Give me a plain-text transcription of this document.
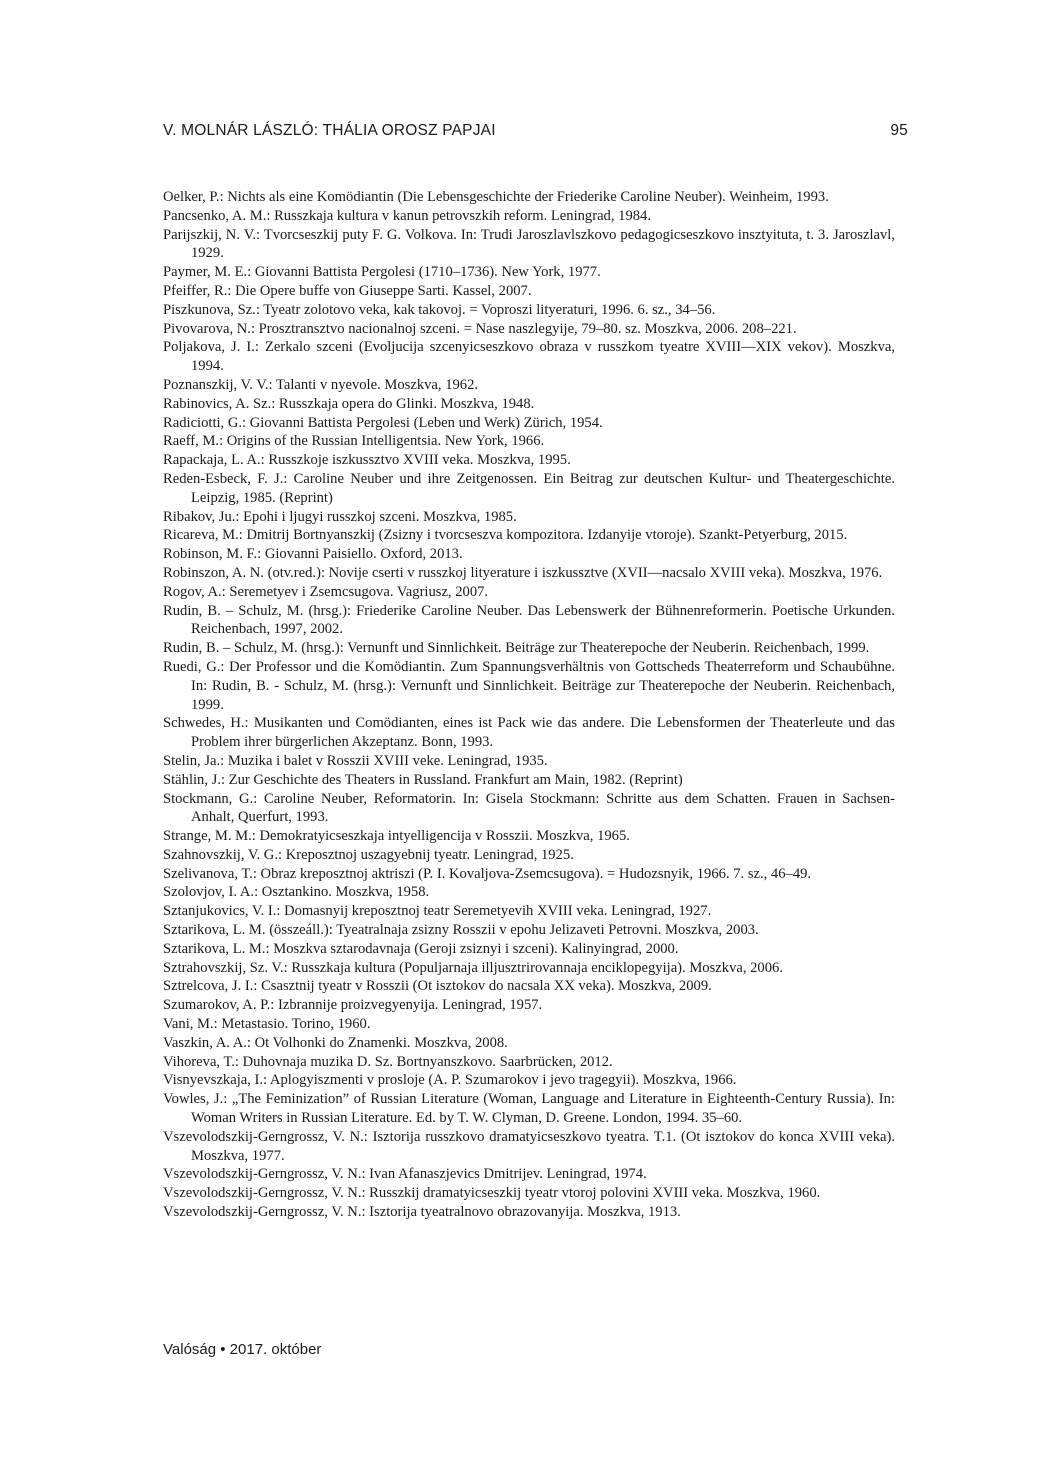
V. MOLNÁR LÁSZLÓ: THÁLIA OROSZ PAPJAI	95
Oelker, P.: Nichts als eine Komödiantin (Die Lebensgeschichte der Friederike Caroline Neuber). Weinheim, 1993.
Pancsenko, A. M.: Russzkaja kultura v kanun petrovszkih reform. Leningrad, 1984.
Parijszkij, N. V.: Tvorcseszkij puty F. G. Volkova. In: Trudi Jaroszlavlszkovo pedagogicseszkovo insztyituta, t. 3. Jaroszlavl, 1929.
Paymer, M. E.: Giovanni Battista Pergolesi (1710–1736). New York, 1977.
Pfeiffer, R.: Die Opere buffe von Giuseppe Sarti. Kassel, 2007.
Piszkunova, Sz.: Tyeatr zolotovo veka, kak takovoj. = Voproszi lityeraturi, 1996. 6. sz., 34–56.
Pivovarova, N.: Prosztransztvo nacionalnoj szceni. = Nase naszlegyije, 79–80. sz. Moszkva, 2006. 208–221.
Poljakova, J. I.: Zerkalo szceni (Evoljucija szcenyicseszkovo obraza v russzkom tyeatre XVIII—XIX vekov). Moszkva, 1994.
Poznanszkij, V. V.: Talanti v nyevole. Moszkva, 1962.
Rabinovics, A. Sz.: Russzkaja opera do Glinki. Moszkva, 1948.
Radiciotti, G.: Giovanni Battista Pergolesi (Leben und Werk) Zürich, 1954.
Raeff, M.: Origins of the Russian Intelligentsia. New York, 1966.
Rapackaja, L. A.: Russzkoje iszkussztvo XVIII veka. Moszkva, 1995.
Reden-Esbeck, F. J.: Caroline Neuber und ihre Zeitgenossen. Ein Beitrag zur deutschen Kultur- und Theatergeschichte. Leipzig, 1985. (Reprint)
Ribakov, Ju.: Epohi i ljugyi russzkoj szceni. Moszkva, 1985.
Ricareva, M.: Dmitrij Bortnyanszkij (Zsizny i tvorcseszva kompozitora. Izdanyije vtoroje). Szankt-Petyerburg, 2015.
Robinson, M. F.: Giovanni Paisiello. Oxford, 2013.
Robinszon, A. N. (otv.red.): Novije cserti v russzkoj lityerature i iszkussztve (XVII—nacsalo XVIII veka). Moszkva, 1976.
Rogov, A.: Seremetyev i Zsemcsugova. Vagriusz, 2007.
Rudin, B. – Schulz, M. (hrsg.): Friederike Caroline Neuber. Das Lebenswerk der Bühnenreformerin. Poetische Urkunden. Reichenbach, 1997, 2002.
Rudin, B. – Schulz, M. (hrsg.): Vernunft und Sinnlichkeit. Beiträge zur Theaterepoche der Neuberin. Reichenbach, 1999.
Ruedi, G.: Der Professor und die Komödiantin. Zum Spannungsverhältnis von Gottscheds Theaterreform und Schaubühne. In: Rudin, B. - Schulz, M. (hrsg.): Vernunft und Sinnlichkeit. Beiträge zur Theaterepoche der Neuberin. Reichenbach, 1999.
Schwedes, H.: Musikanten und Comödianten, eines ist Pack wie das andere. Die Lebensformen der Theaterleute und das Problem ihrer bürgerlichen Akzeptanz. Bonn, 1993.
Stelin, Ja.: Muzika i balet v Rosszii XVIII veke. Leningrad, 1935.
Stählin, J.: Zur Geschichte des Theaters in Russland. Frankfurt am Main, 1982. (Reprint)
Stockmann, G.: Caroline Neuber, Reformatorin. In: Gisela Stockmann: Schritte aus dem Schatten. Frauen in Sachsen-Anhalt, Querfurt, 1993.
Strange, M. M.: Demokratyicseszkaja intyelligencija v Rosszii. Moszkva, 1965.
Szahnovszkij, V. G.: Kreposztnoj uszagyebnij tyeatr. Leningrad, 1925.
Szelivanova, T.: Obraz kreposztnoj aktriszi (P. I. Kovaljova-Zsemcsugova). = Hudozsnyik, 1966. 7. sz., 46–49.
Szolovjov, I. A.: Osztankino. Moszkva, 1958.
Sztanjukovics, V. I.: Domasnyij kreposztnoj teatr Seremetyevih XVIII veka. Leningrad, 1927.
Sztarikova, L. M. (összeáll.): Tyeatralnaja zsizny Rosszii v epohu Jelizaveti Petrovni. Moszkva, 2003.
Sztarikova, L. M.: Moszkva sztarodavnaja (Geroji zsiznyi i szceni). Kalinyingrad, 2000.
Sztrahovszkij, Sz. V.: Russzkaja kultura (Populjarnaja illjusztrirovannaja enciklopegyija). Moszkva, 2006.
Sztrelcova, J. I.: Csasztnij tyeatr v Rosszii (Ot isztokov do nacsala XX veka). Moszkva, 2009.
Szumarokov, A. P.: Izbrannije proizvegyenyija. Leningrad, 1957.
Vani, M.: Metastasio. Torino, 1960.
Vaszkin, A. A.: Ot Volhonki do Znamenki. Moszkva, 2008.
Vihoreva, T.: Duhovnaja muzika D. Sz. Bortnyanszkovo. Saarbrücken, 2012.
Visnyevszkaja, I.: Aplogyiszmenti v prosloje (A. P. Szumarokov i jevo tragegyii). Moszkva, 1966.
Vowles, J.: „The Feminization” of Russian Literature (Woman, Language and Literature in Eighteenth-Century Russia). In: Woman Writers in Russian Literature. Ed. by T. W. Clyman, D. Greene. London, 1994. 35–60.
Vszevolodszkij-Gerngrossz, V. N.: Isztorija russzkovo dramatyicseszkovo tyeatra. T.1. (Ot isztokov do konca XVIII veka). Moszkva, 1977.
Vszevolodszkij-Gerngrossz, V. N.: Ivan Afanaszjevics Dmitrijev. Leningrad, 1974.
Vszevolodszkij-Gerngrossz, V. N.: Russzkij dramatyicseszkij tyeatr vtoroj polovini XVIII veka. Moszkva, 1960.
Vszevolodszkij-Gerngrossz, V. N.: Isztorija tyeatralnovo obrazovanyija. Moszkva, 1913.
Valóság • 2017. október
